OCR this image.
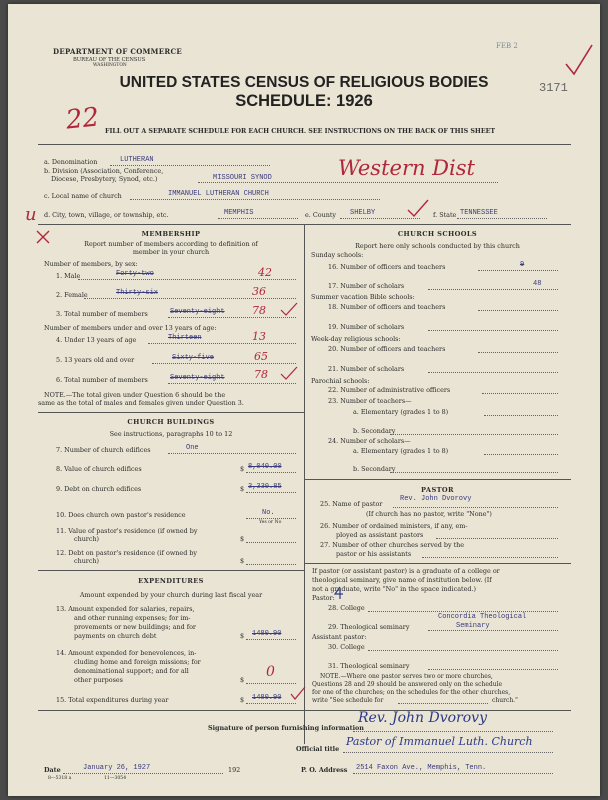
DEPARTMENT OF COMMERCE
BUREAU OF THE CENSUS
WASHINGTON
FEB 2
3171
UNITED STATES CENSUS OF RELIGIOUS BODIES
SCHEDULE: 1926
22 FILL OUT A SEPARATE SCHEDULE FOR EACH CHURCH. SEE INSTRUCTIONS ON THE BACK OF THIS SHEET
a. Denomination	LUTHERAN
b. Division (Association, Conference,
Diocese, Presbytery, Synod, etc.)	MISSOURI SYNOD	Western Dist
c. Local name of church	IMMANUEL LUTHERAN CHURCH
u d. City, town, village, or township, etc.	MEMPHIS	e. County SHELBY	f. State TENNESSEE
MEMBERSHIP
Report number of members according to definition of
member in your church
Number of members, by sex:
1. Male	Forty-two	42
2. Female	Thirty-six	36
3. Total number of members	Seventy-eight 78
Number of members under and over 13 years of age:
4. Under 13 years of age	Thirteen	13
5. 13 years old and over	Sixty-five	65
6. Total number of members	Seventy-eight	78
NOTE.—The total given under Question 6 should be the
same as the total of males and females given under Question 3.
CHURCH BUILDINGS
See instructions, paragraphs 10 to 12
7. Number of church edifices	One
8. Value of church edifices	$ 8,040.00
9. Debt on church edifices	$ 3,330.85
10. Does church own pastor's residence	No.
Yes or No
11. Value of pastor's residence (if owned by
church)	$
12. Debt on pastor's residence (if owned by
church)	$
EXPENDITURES
Amount expended by your church during last fiscal year
13. Amount expended for salaries, repairs,
and other running expenses; for im-
provements or new buildings; and for
payments on church debt	$ 1480.90
14. Amount expended for benevolences, in-
cluding home and foreign missions; for
denominational support; and for all
other purposes	$ 0
15. Total expenditures during year	$ 1480.90
CHURCH SCHOOLS
Report here only schools conducted by this church
Sunday schools:
16. Number of officers and teachers	9
17. Number of scholars	48
Summer vacation Bible schools:
18. Number of officers and teachers
19. Number of scholars
Week-day religious schools:
20. Number of officers and teachers
21. Number of scholars
Parochial schools:
22. Number of administrative officers
23. Number of teachers—
a. Elementary (grades 1 to 8)
b. Secondary
24. Number of scholars—
a. Elementary (grades 1 to 8)
b. Secondary
PASTOR
25. Name of pastor
Rev. John Dvorovy
(If church has no pastor, write "None")
26. Number of ordained ministers, if any, em-
ployed as assistant pastors
27. Number of other churches served by the
pastor or his assistants
If pastor (or assistant pastor) is a graduate of a college or
theological seminary, give name of institution below. (If
not a graduate, write "No" in the space indicated.)
Pastor:
28. College
29. Theological seminary
Concordia Theological
Seminary
Assistant pastor:
30. College
31. Theological seminary
NOTE.—Where one pastor serves two or more churches,
Questions 28 and 29 should be answered only on the schedule
for one of the churches; on the schedules for the other churches,
write "See schedule for	church."
Signature of person furnishing information
Rev. John Dvorovy
Official title
Pastor of Immanuel Luth. Church
Date	January 26, 1927	192	P. O. Address 2514 Faxon Ave., Memphis, Tenn.
8—5318 a	11—3054
